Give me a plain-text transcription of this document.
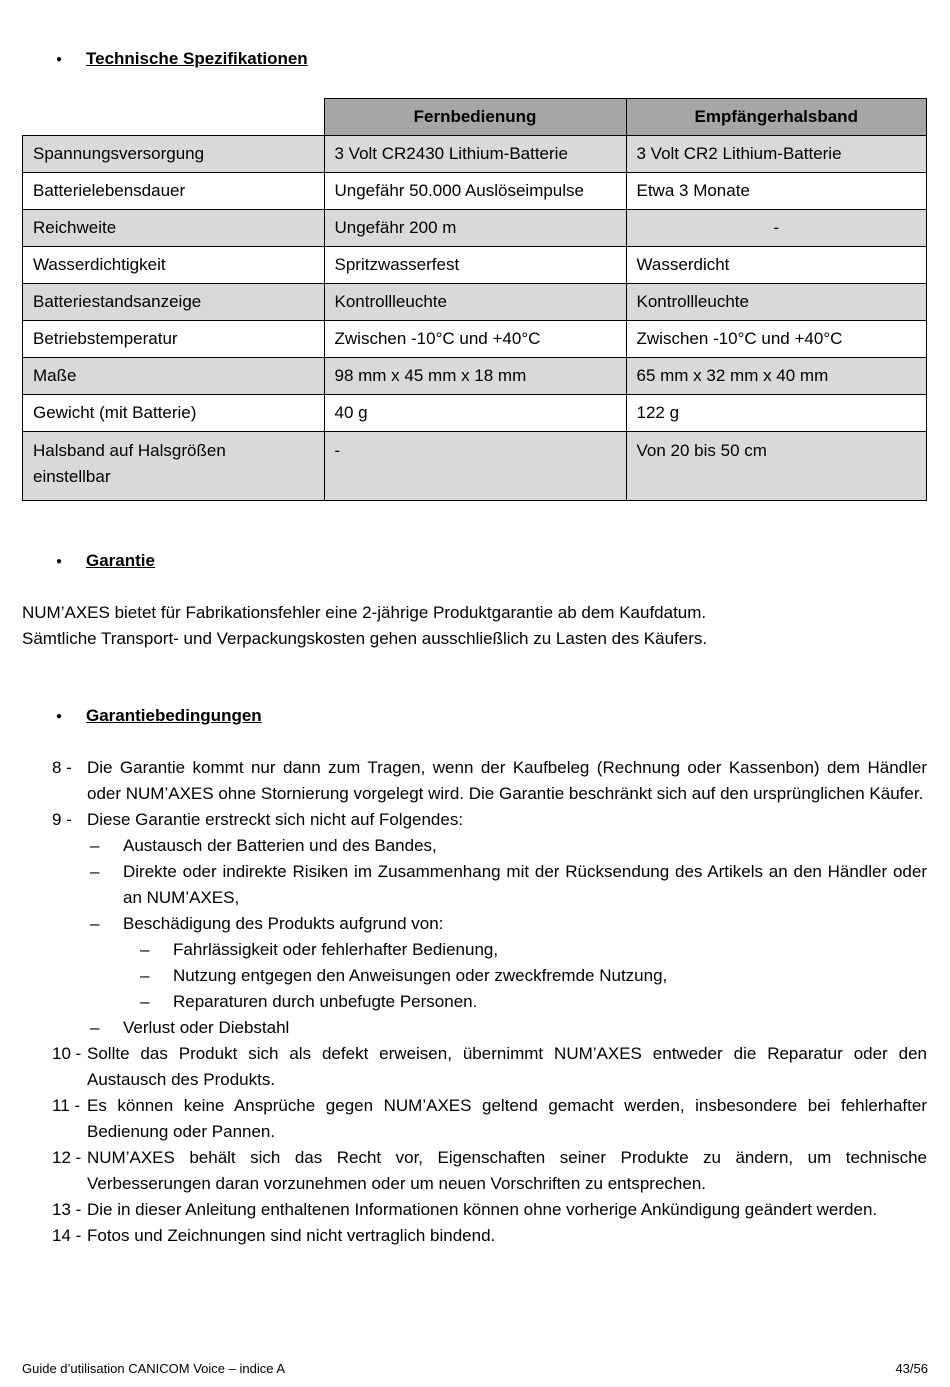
●Technische Spezifikationen
	Fernbedienung	Empfängerhalsband
Spannungsversorgung	3 Volt CR2430 Lithium-Batterie	3 Volt CR2 Lithium-Batterie
Batterielebensdauer	Ungefähr 50.000 Auslöseimpulse	Etwa 3 Monate
Reichweite	Ungefähr 200 m	-
Wasserdichtigkeit	Spritzwasserfest	Wasserdicht
Batteriestandsanzeige	Kontrollleuchte	Kontrollleuchte
Betriebstemperatur	Zwischen -10°C und +40°C	Zwischen -10°C und +40°C
Maße	98 mm x 45 mm x 18 mm	65 mm x 32 mm x 40 mm
Gewicht (mit Batterie)	40 g	122 g
Halsband auf Halsgrößen einstellbar	-	Von 20 bis 50 cm
●Garantie
NUM’AXES bietet für Fabrikationsfehler eine 2-jährige Produktgarantie ab dem Kaufdatum.
Sämtliche Transport- und Verpackungskosten gehen ausschließlich zu Lasten des Käufers.
●Garantiebedingungen
8 - Die Garantie kommt nur dann zum Tragen, wenn der Kaufbeleg (Rechnung oder Kassenbon) dem Händler oder NUM’AXES ohne Stornierung vorgelegt wird. Die Garantie beschränkt sich auf den ursprünglichen Käufer.
9 - Diese Garantie erstreckt sich nicht auf Folgendes:
– Austausch der Batterien und des Bandes,
– Direkte oder indirekte Risiken im Zusammenhang mit der Rücksendung des Artikels an den Händler oder an NUM’AXES,
– Beschädigung des Produkts aufgrund von:
– Fahrlässigkeit oder fehlerhafter Bedienung,
– Nutzung entgegen den Anweisungen oder zweckfremde Nutzung,
– Reparaturen durch unbefugte Personen.
– Verlust oder Diebstahl
10 - Sollte das Produkt sich als defekt erweisen, übernimmt NUM’AXES entweder die Reparatur oder den Austausch des Produkts.
11 - Es können keine Ansprüche gegen NUM’AXES geltend gemacht werden, insbesondere bei fehlerhafter Bedienung oder Pannen.
12 - NUM’AXES behält sich das Recht vor, Eigenschaften seiner Produkte zu ändern, um technische Verbesserungen daran vorzunehmen oder um neuen Vorschriften zu entsprechen.
13 - Die in dieser Anleitung enthaltenen Informationen können ohne vorherige Ankündigung geändert werden.
14 - Fotos und Zeichnungen sind nicht vertraglich bindend.
Guide d’utilisation CANICOM Voice – indice A	43/56
